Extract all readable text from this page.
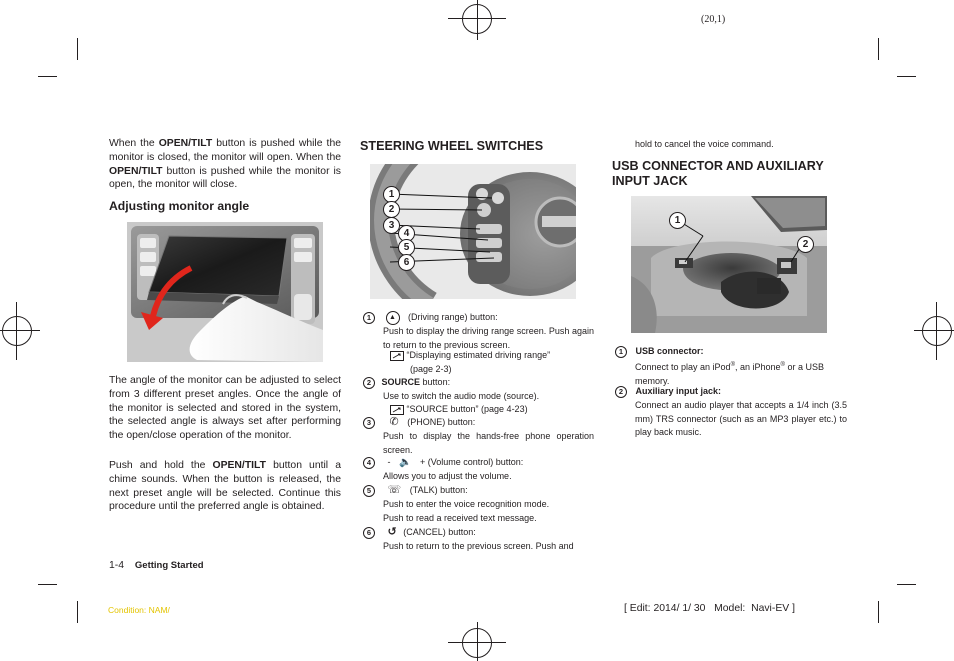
(20,1)
When the OPEN/TILT button is pushed while the monitor is closed, the monitor will open. When the OPEN/TILT button is pushed while the monitor is open, the monitor will close.
Adjusting monitor angle
The angle of the monitor can be adjusted to select from 3 different preset angles. Once the angle of the monitor is selected and stored in the system, the selected angle is always set after performing the open/close operation of the monitor.
Push and hold the OPEN/TILT button until a chime sounds. When the button is released, the next preset angle will be selected. Continue this procedure until the preferred angle is obtained.
STEERING WHEEL SWITCHES
1
2
3
4
5
6
1	▲ (Driving range) button:
Push to display the driving range screen. Push again to return to the previous screen.
“Displaying estimated driving range”
(page 2-3)
2 SOURCE button:
Use to switch the audio mode (source).
“SOURCE button” (page 4-23)
3 ✆ (PHONE) button:
Push to display the hands-free phone operation screen.
4 - 🔈 + (Volume control) button:
Allows you to adjust the volume.
5 ☏ (TALK) button:
Push to enter the voice recognition mode.
Push to read a received text message.
6 ↺ (CANCEL) button:
Push to return to the previous screen. Push and
hold to cancel the voice command.
USB CONNECTOR AND AUXILIARY
INPUT JACK
1
2
1 USB connector:
Connect to play an iPod®, an iPhone® or a USB memory.
2 Auxiliary input jack:
Connect an audio player that accepts a 1/4 inch (3.5 mm) TRS connector (such as an MP3 player etc.) to play back music.
1-4 Getting Started
Condition: NAM/	[ Edit: 2014/ 1/ 30   Model:  Navi-EV ]
